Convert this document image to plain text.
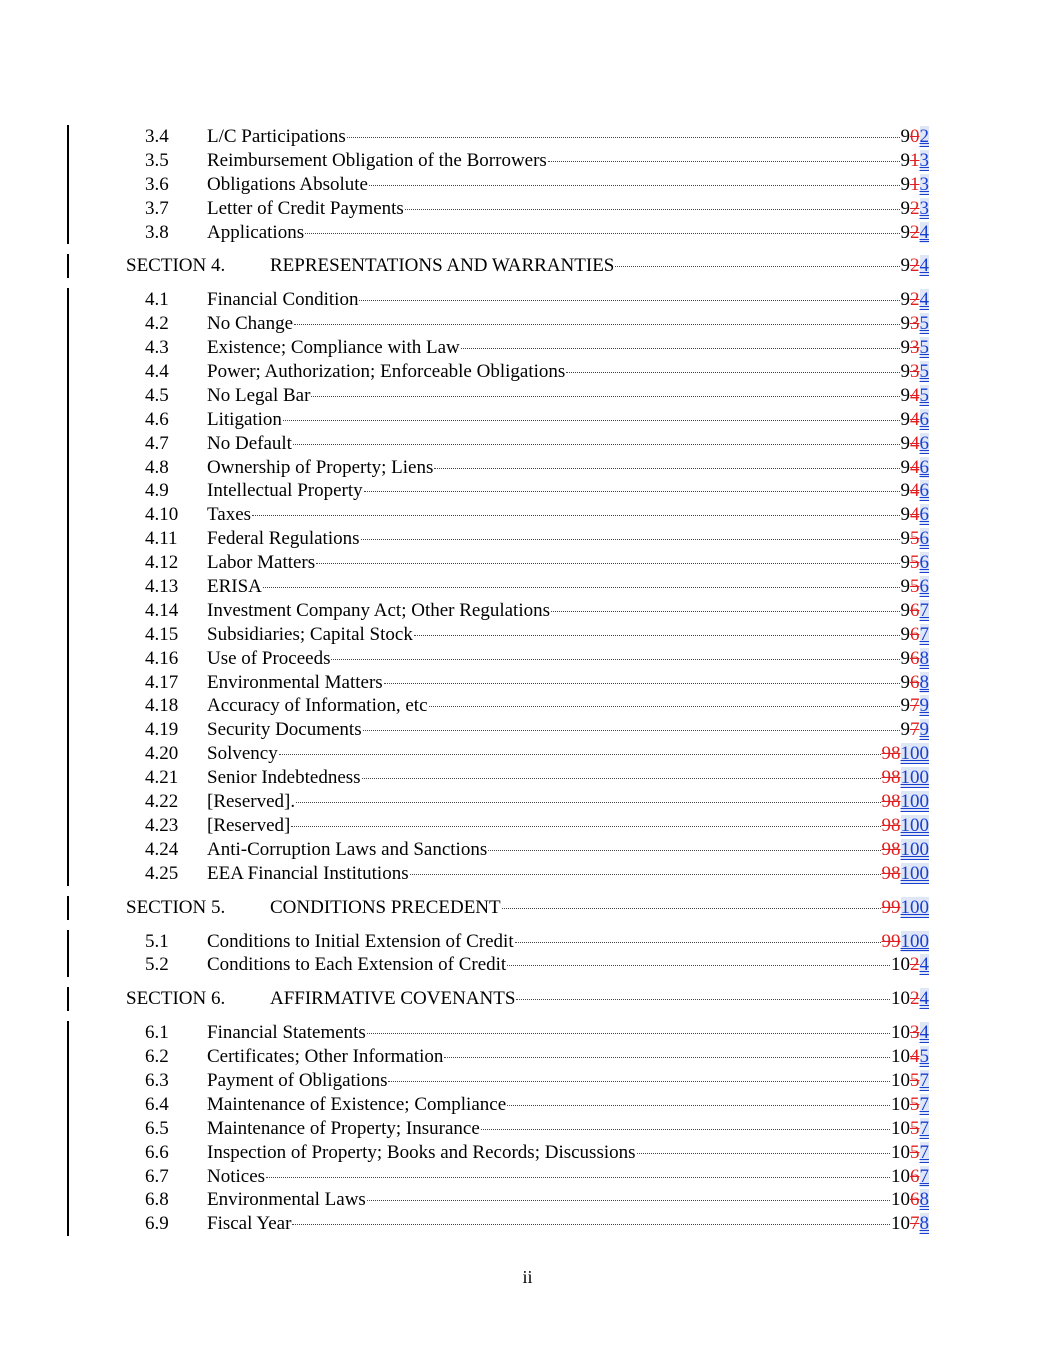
3.4 L/C Participations	902
3.5 Reimbursement Obligation of the Borrowers	913
3.6 Obligations Absolute	913
3.7 Letter of Credit Payments	923
3.8 Applications	924
SECTION 4. REPRESENTATIONS AND WARRANTIES	924
4.1 Financial Condition	924
4.2 No Change	935
4.3 Existence; Compliance with Law	935
4.4 Power; Authorization; Enforceable Obligations	935
4.5 No Legal Bar	945
4.6 Litigation	946
4.7 No Default	946
4.8 Ownership of Property; Liens	946
4.9 Intellectual Property	946
4.10 Taxes	946
4.11 Federal Regulations	956
4.12 Labor Matters	956
4.13 ERISA	956
4.14 Investment Company Act; Other Regulations	967
4.15 Subsidiaries; Capital Stock	967
4.16 Use of Proceeds	968
4.17 Environmental Matters	968
4.18 Accuracy of Information, etc	979
4.19 Security Documents	979
4.20 Solvency	98100
4.21 Senior Indebtedness	98100
4.22 [Reserved].	98100
4.23 [Reserved]	98100
4.24 Anti-Corruption Laws and Sanctions	98100
4.25 EEA Financial Institutions	98100
SECTION 5. CONDITIONS PRECEDENT	99100
5.1 Conditions to Initial Extension of Credit	99100
5.2 Conditions to Each Extension of Credit	1024
SECTION 6. AFFIRMATIVE COVENANTS	1024
6.1 Financial Statements	1034
6.2 Certificates; Other Information	1045
6.3 Payment of Obligations	1057
6.4 Maintenance of Existence; Compliance	1057
6.5 Maintenance of Property; Insurance	1057
6.6 Inspection of Property; Books and Records; Discussions	1057
6.7 Notices	1067
6.8 Environmental Laws	1068
6.9 Fiscal Year	1078
ii
